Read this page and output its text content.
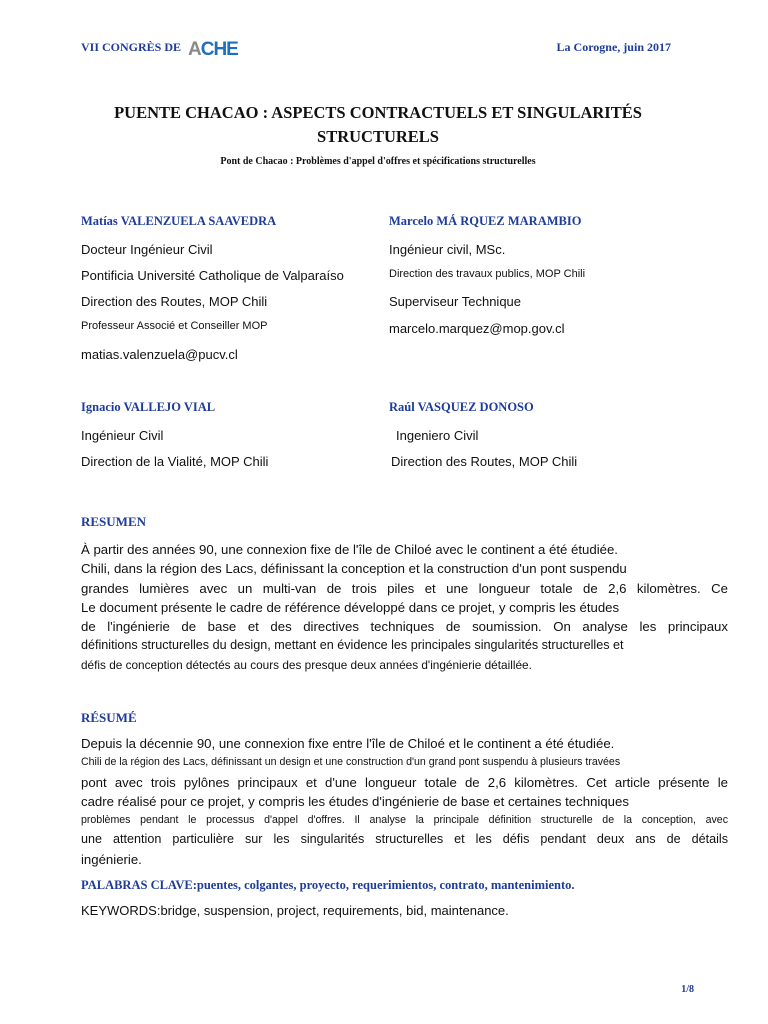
VII CONGRÈS DE ACHE	La Corogne, juin 2017
PUENTE CHACAO : ASPECTS CONTRACTUELS ET SINGULARITÉS
STRUCTURELS
Pont de Chacao : Problèmes d'appel d'offres et spécifications structurelles
Matías VALENZUELA SAAVEDRA
Docteur Ingénieur Civil
Pontificia Université Catholique de Valparaíso
Direction des Routes, MOP Chili
Professeur Associé et Conseiller MOP
matias.valenzuela@pucv.cl
Marcelo MÁ RQUEZ MARAMBIO
Ingénieur civil, MSc.
Direction des travaux publics, MOP Chili
Superviseur Technique
marcelo.marquez@mop.gov.cl
Ignacio VALLEJO VIAL
Ingénieur Civil
Direction de la Vialité, MOP Chili
Raúl VASQUEZ DONOSO
Ingeniero Civil
Direction des Routes, MOP Chili
RESUMEN

À partir des années 90, une connexion fixe de l'île de Chiloé avec le continent a été étudiée.

Chili, dans la région des Lacs, définissant la conception et la construction d'un pont suspendu

grandes lumières avec un multi-van de trois piles et une longueur totale de 2,6 kilomètres. Ce

Le document présente le cadre de référence développé dans ce projet, y compris les études

de l'ingénierie de base et des directives techniques de soumission. On analyse les principaux

définitions structurelles du design, mettant en évidence les principales singularités structurelles et

défis de conception détectés au cours des presque deux années d'ingénierie détaillée.

RÉSUMÉ

Depuis la décennie 90, une connexion fixe entre l'île de Chiloé et le continent a été étudiée.

Chili de la région des Lacs, définissant un design et une construction d'un grand pont suspendu à plusieurs travées

pont avec trois pylônes principaux et d'une longueur totale de 2,6 kilomètres. Cet article présente le

cadre réalisé pour ce projet, y compris les études d'ingénierie de base et certaines techniques

problèmes pendant le processus d'appel d'offres. Il analyse la principale définition structurelle de la conception, avec

une attention particulière sur les singularités structurelles et les défis pendant deux ans de détails

ingénierie.

PALABRAS CLAVE:puentes, colgantes, proyecto, requerimientos, contrato, mantenimiento.
KEYWORDS:bridge, suspension, project, requirements, bid, maintenance.
1/8
